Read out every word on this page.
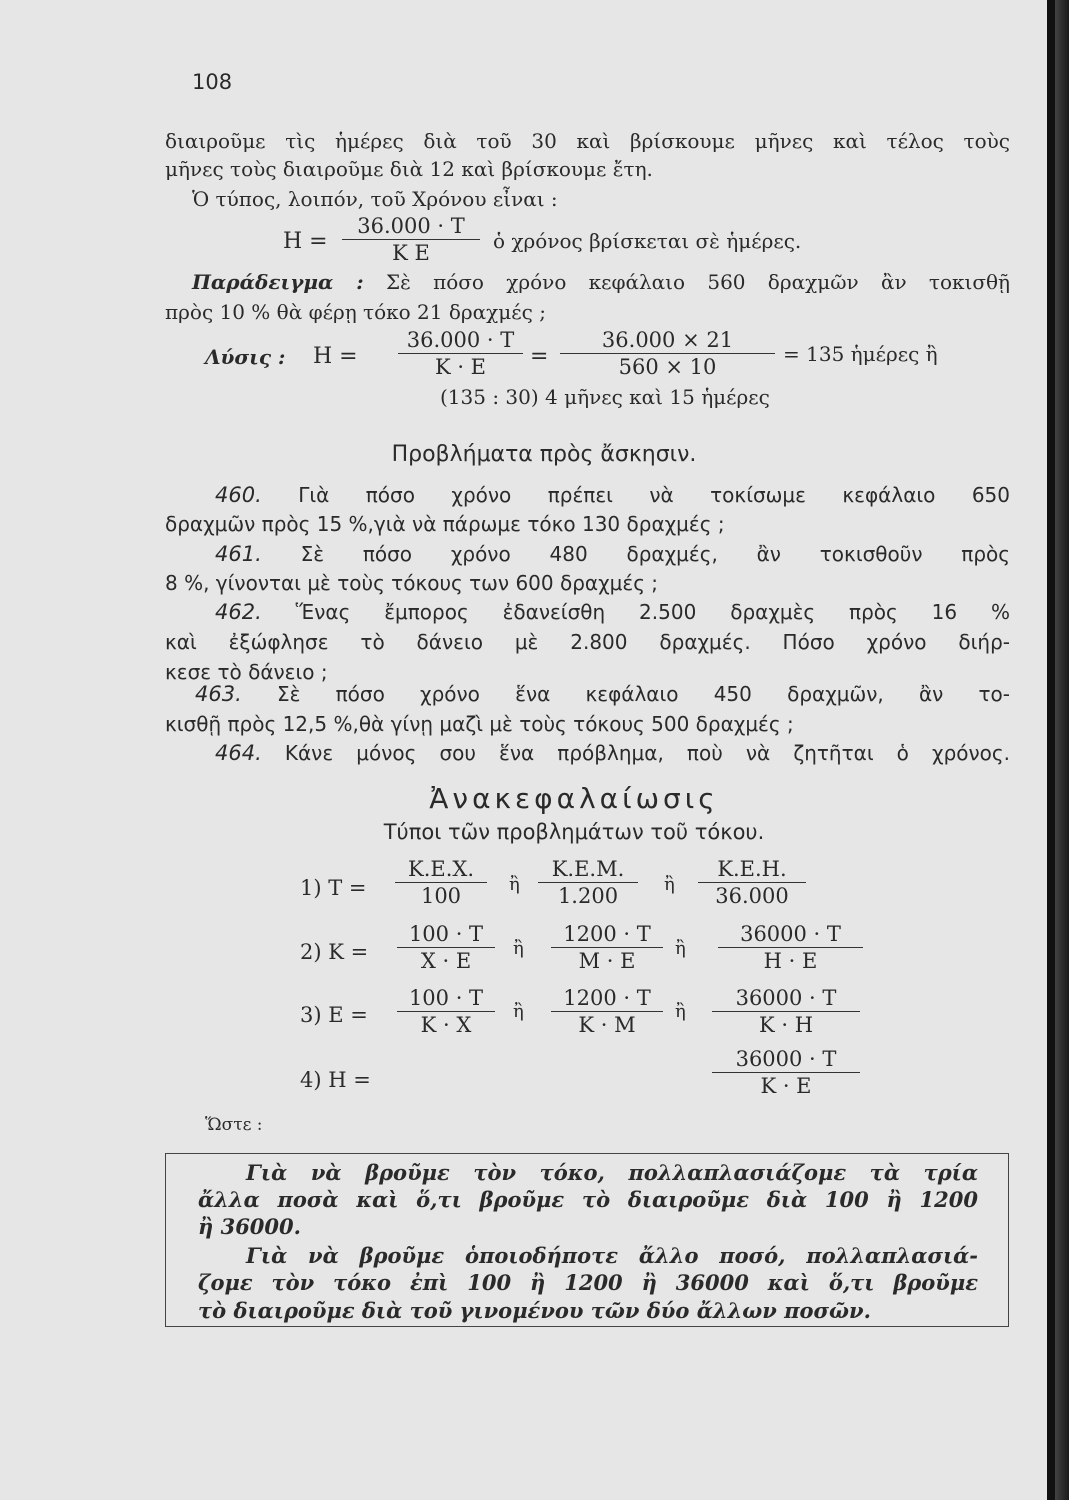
108
διαιροῦμε τὶς ἡμέρες διὰ τοῦ 30 καὶ βρίσκουμε μῆνες καὶ τέλος τοὺς
μῆνες τοὺς διαιροῦμε διὰ 12 καὶ βρίσκουμε ἔτη.
Ὁ τύπος, λοιπόν, τοῦ Χρόνου εἶναι :
$H = \frac{36.000 \cdot T}{\text{Κ Ε}}$ ὁ χρόνος βρίσκεται σὲ ἡμέρες.
Παράδειγμα : Σὲ πόσο χρόνο κεφάλαιο 560 δραχμῶν ἂν τοκισθῇ
πρὸς 10 % θὰ φέρῃ τόκο 21 δραχμές ;
Λύσις : $H = \frac{36.000 \cdot T}{K \cdot E} = \frac{36.000 \times 21}{560 \times 10} = 135$ ἡμέρες ἢ
(135 : 30) 4 μῆνες καὶ 15 ἡμέρες
Προβλήματα πρὸς ἄσκησιν.
460. Γιὰ πόσο χρόνο πρέπει νὰ τοκίσωμε κεφάλαιο 650
δραχμῶν πρὸς 15 %,γιὰ νὰ πάρωμε τόκο 130 δραχμές ;
461. Σὲ πόσο χρόνο 480 δραχμές, ἂν τοκισθοῦν πρὸς
8 %, γίνονται μὲ τοὺς τόκους των 600 δραχμές ;
462. Ἕνας ἔμπορος ἐδανείσθη 2.500 δραχμὲς πρὸς 16 %
καὶ ἐξώφλησε τὸ δάνειο μὲ 2.800 δραχμές. Πόσο χρόνο διήρ-
κεσε τὸ δάνειο ;
463. Σὲ πόσο χρόνο ἕνα κεφάλαιο 450 δραχμῶν, ἂν το-
κισθῇ πρὸς 12,5 %,θὰ γίνῃ μαζὶ μὲ τοὺς τόκους 500 δραχμές ;
464. Κάνε μόνος σου ἕνα πρόβλημα, ποὺ νὰ ζητῆται ὁ χρόνος.
Ἀνακεφαλαίωσις
Τύποι τῶν προβλημάτων τοῦ τόκου.
1) $T = \frac{K.E.X.}{100}$ ἢ $\frac{K.E.M.}{1.200}$ ἢ $\frac{K.E.H.}{36.000}$
2) $K = \frac{100 \cdot T}{X \cdot E}$ ἢ $\frac{1200 \cdot T}{M \cdot E}$ ἢ $\frac{36000 \cdot T}{H \cdot E}$
3) $E = \frac{100 \cdot T}{K \cdot X}$ ἢ $\frac{1200 \cdot T}{K \cdot M}$ ἢ $\frac{36000 \cdot T}{K \cdot H}$
4) Η =	$\frac{36000 \cdot T}{K \cdot E}$
Ὥστε :
Γιὰ νὰ βροῦμε τὸν τόκο, πολλαπλασιάζομε τὰ τρία
ἄλλα ποσὰ καὶ ὅ,τι βροῦμε τὸ διαιροῦμε διὰ 100 ἢ 1200
ἢ 36000.
Γιὰ νὰ βροῦμε ὁποιοδήποτε ἄλλο ποσό, πολλαπλασιά-
ζομε τὸν τόκο ἐπὶ 100 ἢ 1200 ἢ 36000 καὶ ὅ,τι βροῦμε
τὸ διαιροῦμε διὰ τοῦ γινομένου τῶν δύο ἄλλων ποσῶν.
